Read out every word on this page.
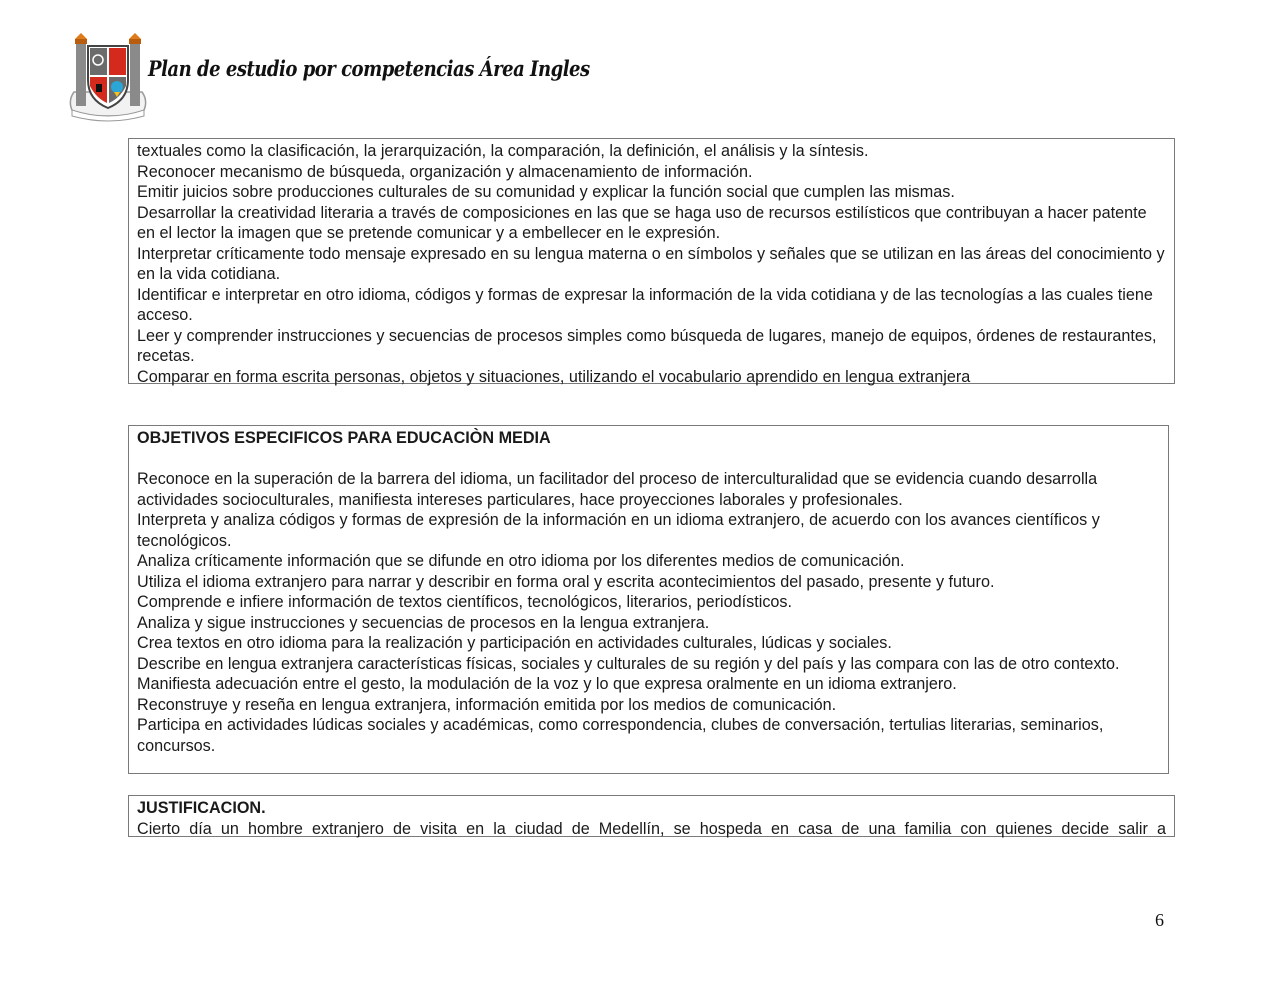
Plan de estudio por competencias Área Ingles

textuales como la clasificación, la jerarquización, la comparación, la definición, el análisis y la síntesis.

Reconocer mecanismo de búsqueda, organización y almacenamiento de información.

Emitir juicios sobre producciones culturales de su comunidad y explicar la función social que cumplen las mismas.

Desarrollar la creatividad literaria a través de composiciones en las que se haga uso de recursos estilísticos que contribuyan a hacer patente en el lector la imagen que se pretende comunicar y a embellecer en le expresión.

Interpretar críticamente todo mensaje expresado en su lengua materna o en símbolos y señales que se utilizan en las áreas del conocimiento y en la vida cotidiana.

Identificar e interpretar en otro idioma, códigos y formas de expresar la información de la vida cotidiana y de las tecnologías a las cuales tiene acceso.

Leer y comprender instrucciones y secuencias de procesos simples como búsqueda de lugares, manejo de equipos, órdenes de restaurantes, recetas.

Comparar en forma escrita personas, objetos y situaciones, utilizando el vocabulario aprendido en lengua extranjera

OBJETIVOS ESPECIFICOS PARA EDUCACIÒN MEDIA

Reconoce en la superación de la barrera del idioma, un facilitador del proceso de interculturalidad que se evidencia cuando desarrolla actividades socioculturales, manifiesta intereses particulares, hace proyecciones laborales y profesionales.

Interpreta y analiza códigos y formas de expresión de la información en un idioma extranjero, de acuerdo con los avances científicos y tecnológicos.

Analiza críticamente información que se difunde en otro idioma por los diferentes medios de comunicación.

Utiliza el idioma extranjero para narrar y describir en forma oral y escrita acontecimientos del pasado, presente y futuro.

Comprende e infiere información de textos científicos, tecnológicos, literarios, periodísticos.

Analiza y sigue instrucciones y secuencias de procesos en la lengua extranjera.

Crea textos en otro idioma para la realización y participación en actividades culturales, lúdicas y sociales.

Describe en lengua extranjera características físicas, sociales y culturales de su región y del país y las compara con las de otro contexto.

Manifiesta adecuación entre el gesto, la modulación de la voz y lo que expresa oralmente en un idioma extranjero.

Reconstruye y reseña en lengua extranjera, información emitida por los medios de comunicación.

Participa en actividades lúdicas sociales y académicas, como correspondencia, clubes de conversación, tertulias literarias, seminarios, concursos.

JUSTIFICACION.

Cierto día un hombre extranjero de visita en la ciudad de Medellín, se hospeda en casa de una familia con quienes decide salir a

6
